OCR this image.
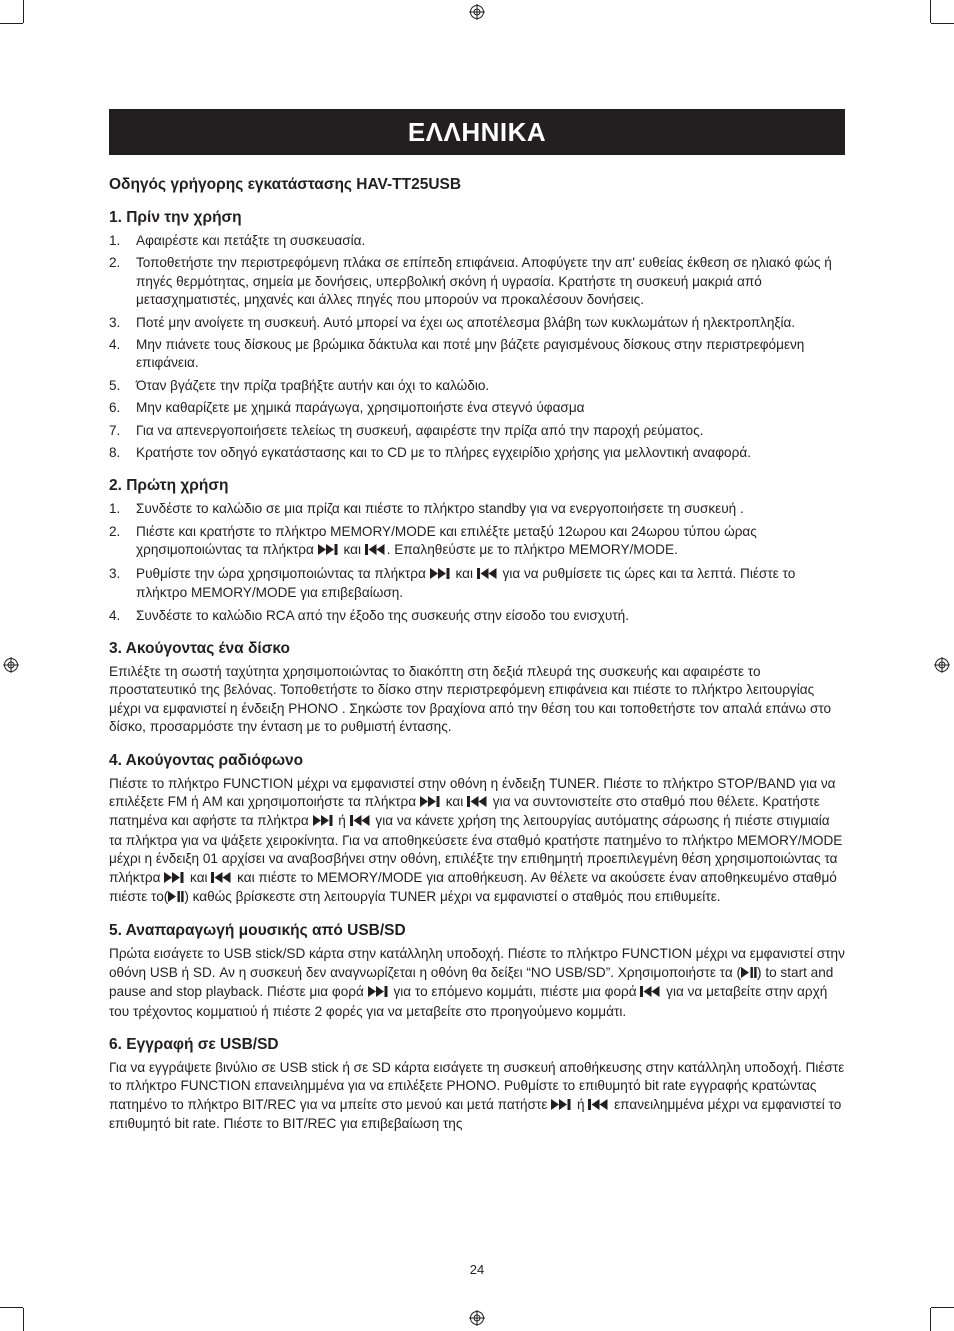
ΕΛΛΗΝΙΚΑ
Οδηγός γρήγορης εγκατάστασης HAV-TT25USB
1. Πρίν την χρήση
1. Αφαιρέστε και πετάξτε τη συσκευασία.
2. Τοποθετήστε την περιστρεφόμενη πλάκα σε επίπεδη επιφάνεια. Αποφύγετε την απ' ευθείας έκθεση σε ηλιακό φώς ή πηγές θερμότητας, σημεία με δονήσεις, υπερβολική σκόνη ή υγρασία. Κρατήστε τη συσκευή μακριά από μετασχηματιστές, μηχανές και άλλες πηγές που μπορούν να προκαλέσουν δονήσεις.
3. Ποτέ μην ανοίγετε τη συσκευή. Αυτό μπορεί να έχει ως αποτέλεσμα βλάβη των κυκλωμάτων ή ηλεκτροπληξία.
4. Μην πιάνετε τους δίσκους με βρώμικα δάκτυλα και ποτέ μην βάζετε ραγισμένους δίσκους στην περιστρεφόμενη επιφάνεια.
5. Όταν βγάζετε την πρίζα τραβήξτε αυτήν και όχι το καλώδιο.
6. Μην καθαρίζετε με χημικά παράγωγα, χρησιμοποιήστε ένα στεγνό ύφασμα
7. Για να απενεργοποιήσετε τελείως τη συσκευή, αφαιρέστε την πρίζα από την παροχή ρεύματος.
8. Κρατήστε τον οδηγό εγκατάστασης και το CD με το πλήρες εγχειρίδιο χρήσης για μελλοντική αναφορά.
2. Πρώτη χρήση
1. Συνδέστε το καλώδιο σε μια πρίζα και πιέστε το πλήκτρο standby για να ενεργοποιήσετε τη συσκευή .
2. Πιέστε και κρατήστε το πλήκτρο MEMORY/MODE και επιλέξτε μεταξύ 12ωρου και 24ωρου τύπου ώρας χρησιμοποιώντας τα πλήκτρα  και . Επαληθεύστε με το πλήκτρο MEMORY/MODE.
3. Ρυθμίστε την ώρα χρησιμοποιώντας τα πλήκτρα  και  για να ρυθμίσετε τις ώρες και τα λεπτά. Πιέστε το πλήκτρο MEMORY/MODE για επιβεβαίωση.
4. Συνδέστε το καλώδιο RCA από την έξοδο της συσκευής στην είσοδο του ενισχυτή.
3. Ακούγοντας ένα δίσκο

Επιλέξτε τη σωστή ταχύτητα χρησιμοποιώντας το διακόπτη στη δεξιά πλευρά της συσκευής και αφαιρέστε το προστατευτικό της βελόνας. Τοποθετήστε το δίσκο στην περιστρεφόμενη επιφάνεια και πιέστε το πλήκτρο λειτουργίας μέχρι να εμφανιστεί η ένδειξη PHONO . Σηκώστε τον βραχίονα από την θέση του και τοποθετήστε τον απαλά επάνω στο δίσκο, προσαρμόστε την ένταση με το ρυθμιστή έντασης.

4. Ακούγοντας ραδιόφωνο

Πιέστε το πλήκτρο FUNCTION μέχρι να εμφανιστεί στην οθόνη η ένδειξη TUNER. Πιέστε το πλήκτρο STOP/BAND για να επιλέξετε FM ή AM και χρησιμοποιήστε τα πλήκτρα  και  για να συντονιστείτε στο σταθμό που θέλετε. Κρατήστε πατημένα και αφήστε τα πλήκτρα  ή  για να κάνετε χρήση της λειτουργίας αυτόματης σάρωσης ή πιέστε στιγμιαία τα πλήκτρα για να ψάξετε χειροκίνητα. Για να αποθηκεύσετε ένα σταθμό κρατήστε πατημένο το πλήκτρο MEMORY/MODE μέχρι η ένδειξη 01 αρχίσει να αναβοσβήνει στην οθόνη, επιλέξτε την επιθημητή προεπιλεγμένη θέση χρησιμοποιώντας τα πλήκτρα  και  και πιέστε το MEMORY/MODE για αποθήκευση. Αν θέλετε να ακούσετε έναν αποθηκευμένο σταθμό πιέστε το( ) καθώς βρίσκεστε στη λειτουργία TUNER μέχρι να εμφανιστεί ο σταθμός που επιθυμείτε.

5. Αναπαραγωγή μουσικής από USB/SD

Πρώτα εισάγετε το USB stick/SD κάρτα στην κατάλληλη υποδοχή. Πιέστε το πλήκτρο FUNCTION μέχρι να εμφανιστεί στην οθόνη USB ή SD. Αν η συσκευή δεν αναγνωρίζεται η οθόνη θα δείξει “NO USB/SD”. Χρησιμοποιήστε τα ( ) to start and pause and stop playback. Πιέστε μια φορά  για το επόμενο κομμάτι, πιέστε μια φορά  για να μεταβείτε στην αρχή του τρέχοντος κομματιού ή πιέστε 2 φορές για να μεταβείτε στο προηγούμενο κομμάτι.

6. Εγγραφή σε USB/SD

Για να εγγράψετε βινύλιο σε USB stick ή σε SD κάρτα εισάγετε τη συσκευή αποθήκευσης στην κατάλληλη υποδοχή. Πιέστε το πλήκτρο FUNCTION επανειλημμένα για να επιλέξετε PHONO. Ρυθμίστε το επιθυμητό bit rate εγγραφής κρατώντας πατημένο το πλήκτρο BIT/REC για να μπείτε στο μενού και μετά πατήστε  ή  επανειλημμένα μέχρι να εμφανιστεί το επιθυμητό bit rate. Πιέστε το BIT/REC για επιβεβαίωση της

24
